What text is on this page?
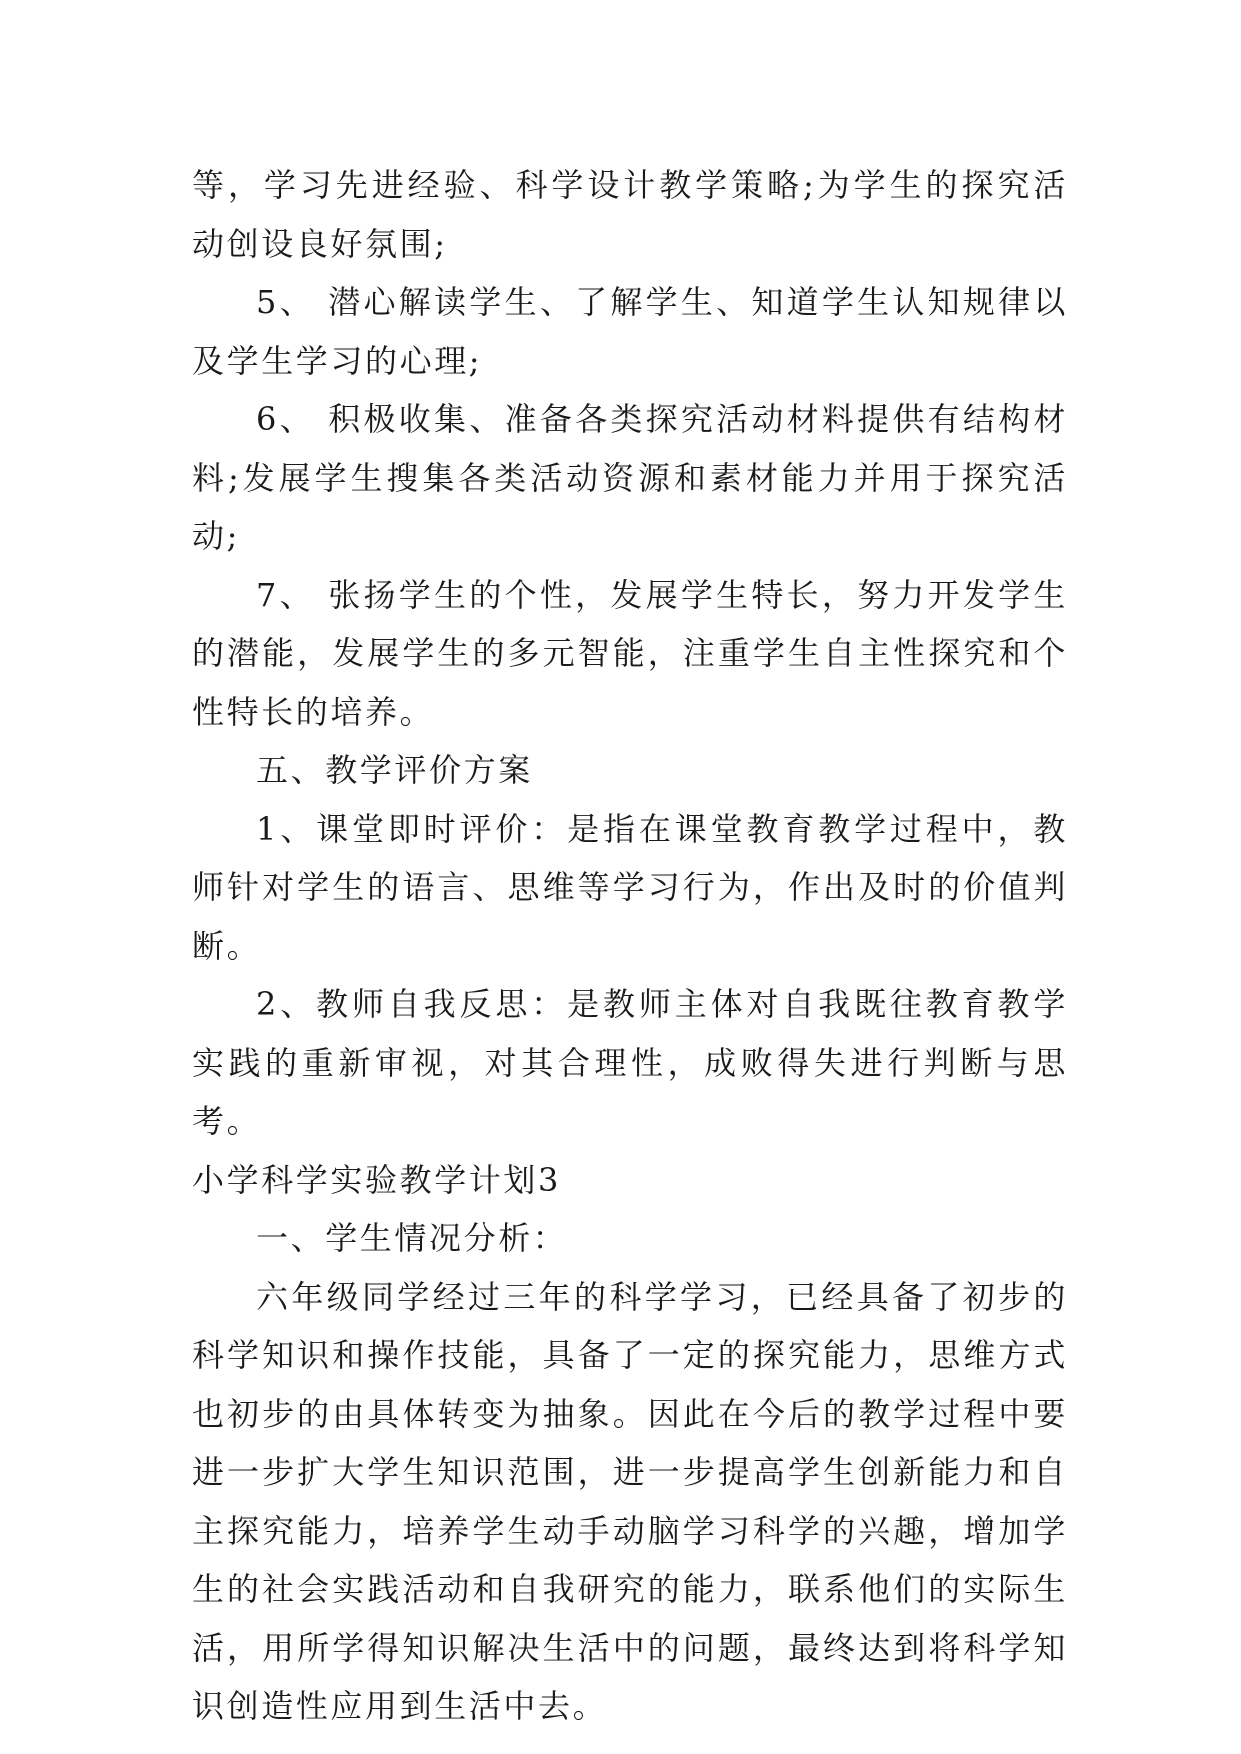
等，学习先进经验、科学设计教学策略;为学生的探究活动创设良好氛围;

5、 潜心解读学生、了解学生、知道学生认知规律以及学生学习的心理;

6、 积极收集、准备各类探究活动材料提供有结构材料;发展学生搜集各类活动资源和素材能力并用于探究活动;

7、 张扬学生的个性，发展学生特长，努力开发学生的潜能，发展学生的多元智能，注重学生自主性探究和个性特长的培养。

五、教学评价方案

1、课堂即时评价：是指在课堂教育教学过程中，教师针对学生的语言、思维等学习行为，作出及时的价值判断。

2、教师自我反思：是教师主体对自我既往教育教学实践的重新审视，对其合理性，成败得失进行判断与思考。

小学科学实验教学计划3

一、学生情况分析：

六年级同学经过三年的科学学习，已经具备了初步的科学知识和操作技能，具备了一定的探究能力，思维方式也初步的由具体转变为抽象。因此在今后的教学过程中要进一步扩大学生知识范围，进一步提高学生创新能力和自主探究能力，培养学生动手动脑学习科学的兴趣，增加学生的社会实践活动和自我研究的能力，联系他们的实际生活，用所学得知识解决生活中的问题，最终达到将科学知识创造性应用到生活中去。
